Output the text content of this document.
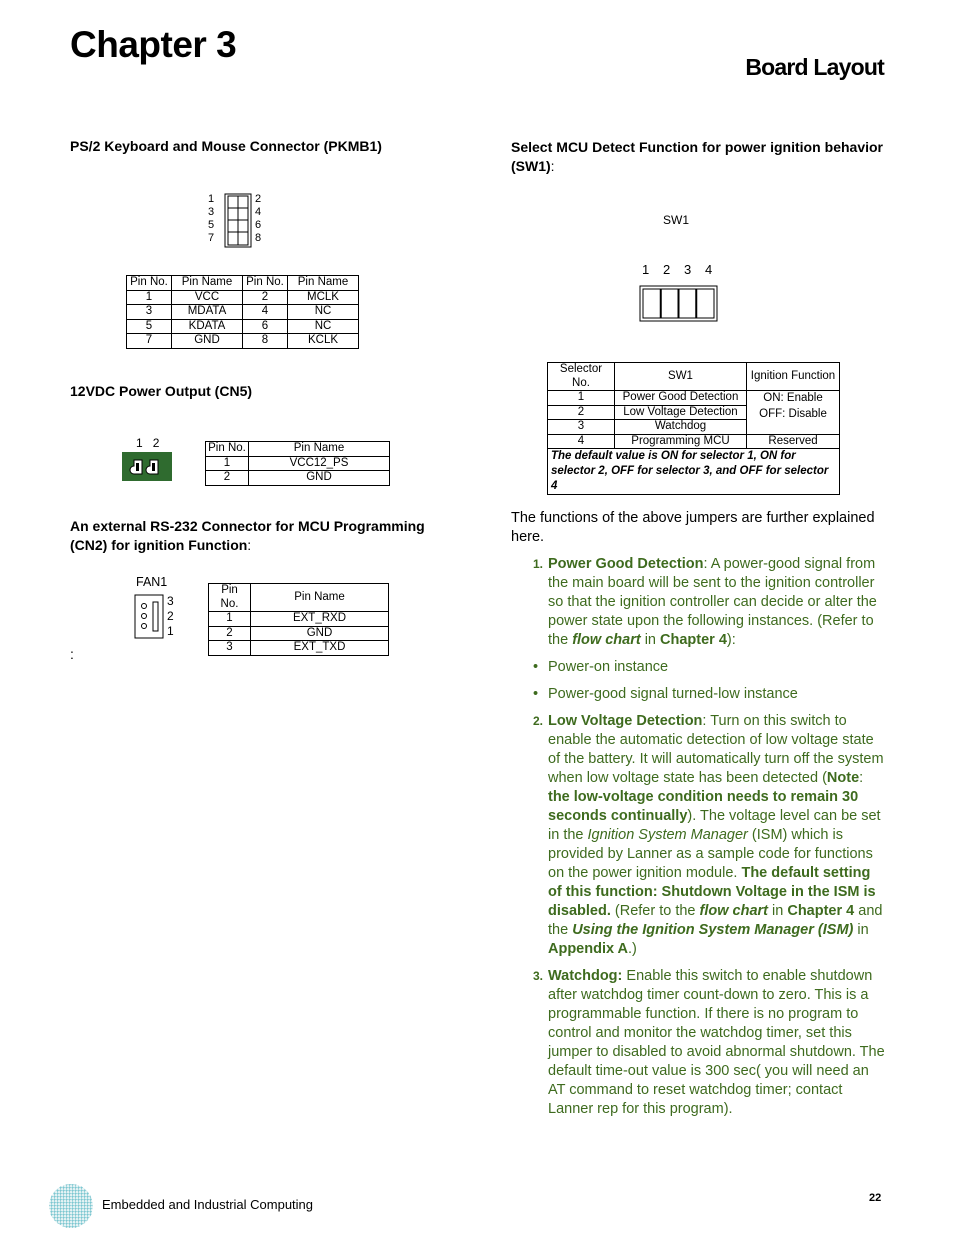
Chapter 3
Board Layout
PS/2 Keyboard and Mouse Connector (PKMB1)
1
3
5
7
2
4
6
8
Pin No.	Pin Name	Pin No.	Pin Name
1	VCC	2	MCLK
3	MDATA	4	NC
5	KDATA	6	NC
7	GND	8	KCLK
12VDC Power Output (CN5)
1 2	Pin No.	Pin Name
1	VCC12_PS
2	GND
An external RS-232 Connector for MCU Programming (CN2) for ignition Function:
FAN1
3
2
1
Pin No.	Pin Name
1	EXT_RXD
2	GND
3	EXT_TXD
:
Select MCU Detect Function for power ignition behavior (SW1):
SW1
1 2 3 4
Selector No.	SW1	Ignition Function
1	Power Good Detection	ON: Enable
OFF: Disable

2	Low Voltage Detection	
3	Watchdog	
4	Programming MCU	Reserved
The default value is ON for selector 1, ON for selector 2, OFF for selector 3, and OFF for selector 4		
The functions of the above jumpers are further explained here.
1. Power Good Detection: A power-good signal from the main board will be sent to the ignition controller so that the ignition controller can decide or alter the power state upon the following instances. (Refer to the flow chart in Chapter 4):
• Power-on instance
• Power-good signal turned-low instance
2. Low Voltage Detection: Turn on this switch to enable the automatic detection of low voltage state of the battery. It will automatically turn off the system when low voltage state has been detected (Note: the low-voltage condition needs to remain 30 seconds continually). The voltage level can be set in the Ignition System Manager (ISM) which is provided by Lanner as a sample code for functions on the power ignition module. The default setting of this function: Shutdown Voltage in the ISM is disabled. (Refer to the flow chart in Chapter 4 and the Using the Ignition System Manager (ISM) in Appendix A.)
3. Watchdog: Enable this switch to enable shutdown after watchdog timer count-down to zero. This is a programmable function. If there is no program to control and monitor the watchdog timer, set this jumper to disabled to avoid abnormal shutdown. The default time-out value is 300 sec( you will need an AT command to reset watchdog timer; contact Lanner rep for this program).
Embedded and Industrial Computing	22
